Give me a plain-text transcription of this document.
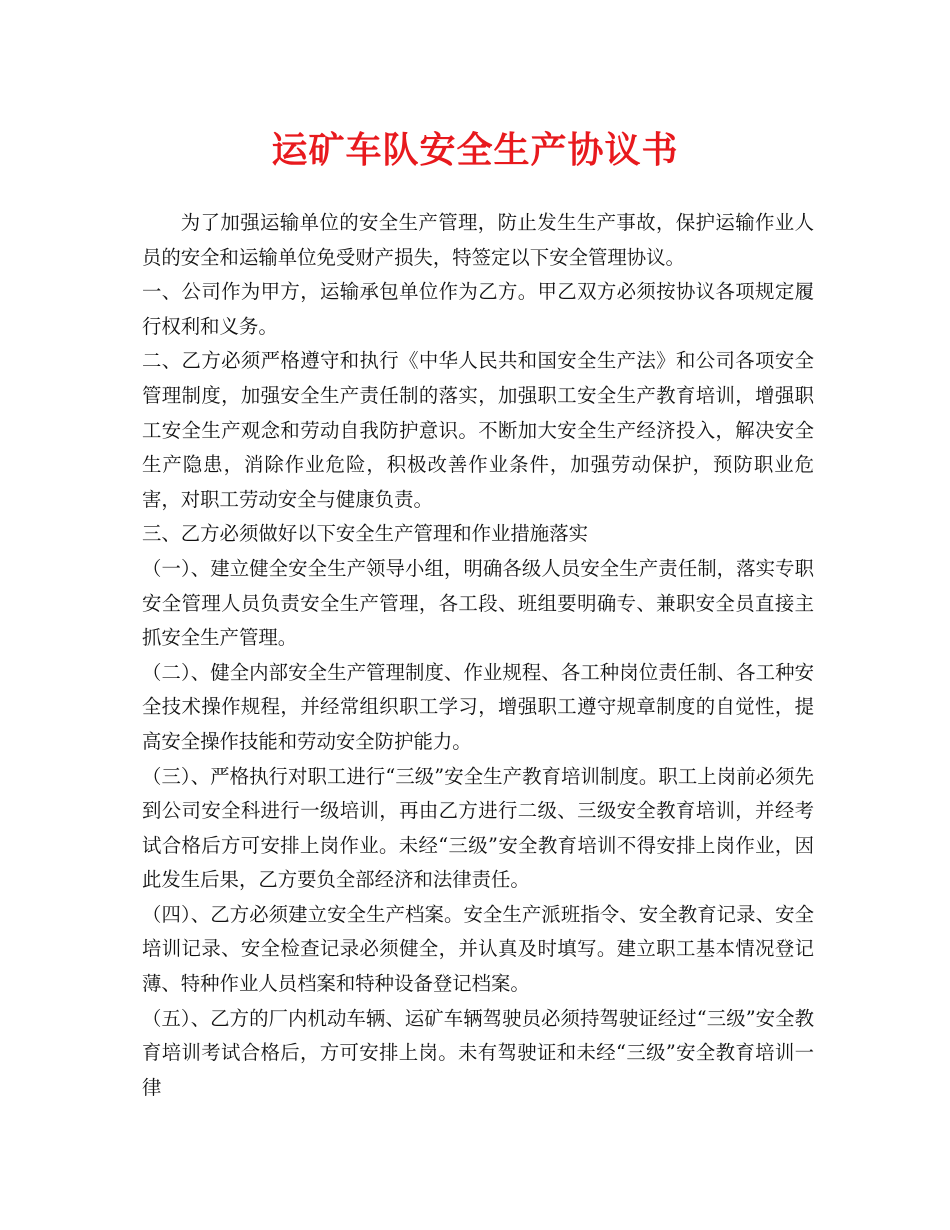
运矿车队安全生产协议书

为了加强运输单位的安全生产管理，防止发生生产事故，保护运输作业人员的安全和运输单位免受财产损失，特签定以下安全管理协议。

一、公司作为甲方，运输承包单位作为乙方。甲乙双方必须按协议各项规定履行权利和义务。

二、乙方必须严格遵守和执行《中华人民共和国安全生产法》和公司各项安全管理制度，加强安全生产责任制的落实，加强职工安全生产教育培训，增强职工安全生产观念和劳动自我防护意识。不断加大安全生产经济投入，解决安全生产隐患，消除作业危险，积极改善作业条件，加强劳动保护，预防职业危害，对职工劳动安全与健康负责。

三、乙方必须做好以下安全生产管理和作业措施落实

（一）、建立健全安全生产领导小组，明确各级人员安全生产责任制，落实专职安全管理人员负责安全生产管理，各工段、班组要明确专、兼职安全员直接主抓安全生产管理。

（二）、健全内部安全生产管理制度、作业规程、各工种岗位责任制、各工种安全技术操作规程，并经常组织职工学习，增强职工遵守规章制度的自觉性，提高安全操作技能和劳动安全防护能力。

（三）、严格执行对职工进行“三级”安全生产教育培训制度。职工上岗前必须先到公司安全科进行一级培训，再由乙方进行二级、三级安全教育培训，并经考试合格后方可安排上岗作业。未经“三级”安全教育培训不得安排上岗作业，因此发生后果，乙方要负全部经济和法律责任。

（四）、乙方必须建立安全生产档案。安全生产派班指令、安全教育记录、安全培训记录、安全检查记录必须健全，并认真及时填写。建立职工基本情况登记薄、特种作业人员档案和特种设备登记档案。

（五）、乙方的厂内机动车辆、运矿车辆驾驶员必须持驾驶证经过“三级”安全教育培训考试合格后，方可安排上岗。未有驾驶证和未经“三级”安全教育培训一律
